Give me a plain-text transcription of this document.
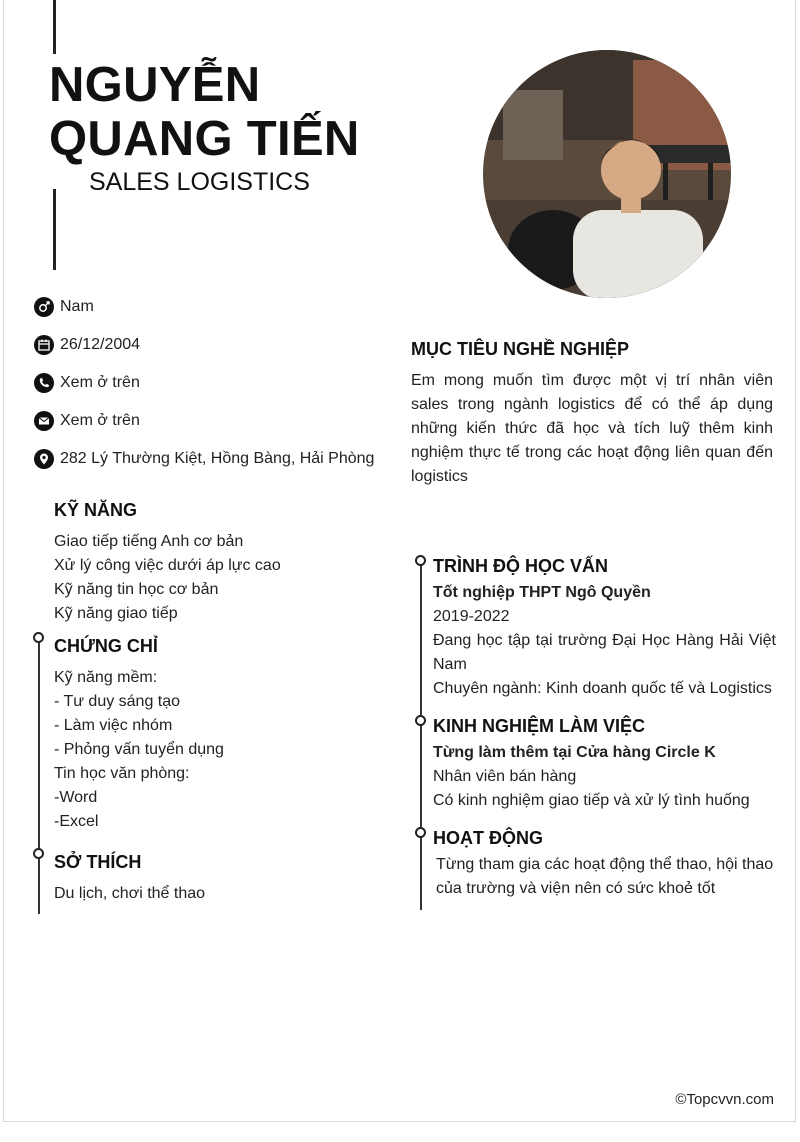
NGUYỄN
QUANG TIẾN
SALES LOGISTICS
Nam
26/12/2004
Xem ở trên
Xem ở trên
282 Lý Thường Kiệt, Hồng Bàng, Hải Phòng
MỤC TIÊU NGHỀ NGHIỆP
Em mong muốn tìm được một vị trí nhân viên sales trong ngành logistics để có thể áp dụng những kiến thức đã học và tích luỹ thêm kinh nghiệm thực tế trong các hoạt động liên quan đến logistics
KỸ NĂNG
Giao tiếp tiếng Anh cơ bản
Xử lý công việc dưới áp lực cao
Kỹ năng tin học cơ bản
Kỹ năng giao tiếp
CHỨNG CHỈ
Kỹ năng mềm:
- Tư duy sáng tạo
- Làm việc nhóm
- Phỏng vấn tuyển dụng
Tin học văn phòng:
-Word
-Excel
SỞ THÍCH
Du lịch, chơi thể thao
TRÌNH ĐỘ HỌC VẤN
Tốt nghiệp THPT Ngô Quyền
2019-2022
Đang học tập tại trường Đại Học Hàng Hải Việt Nam
Chuyên ngành: Kinh doanh quốc tế và Logistics
KINH NGHIỆM LÀM VIỆC
Từng làm thêm tại Cửa hàng Circle K
Nhân viên bán hàng
Có kinh nghiệm giao tiếp và xử lý tình huống
HOẠT ĐỘNG
Từng tham gia các hoạt động thể thao, hội thao của trường và viện nên có sức khoẻ tốt
©Topcvvn.com
